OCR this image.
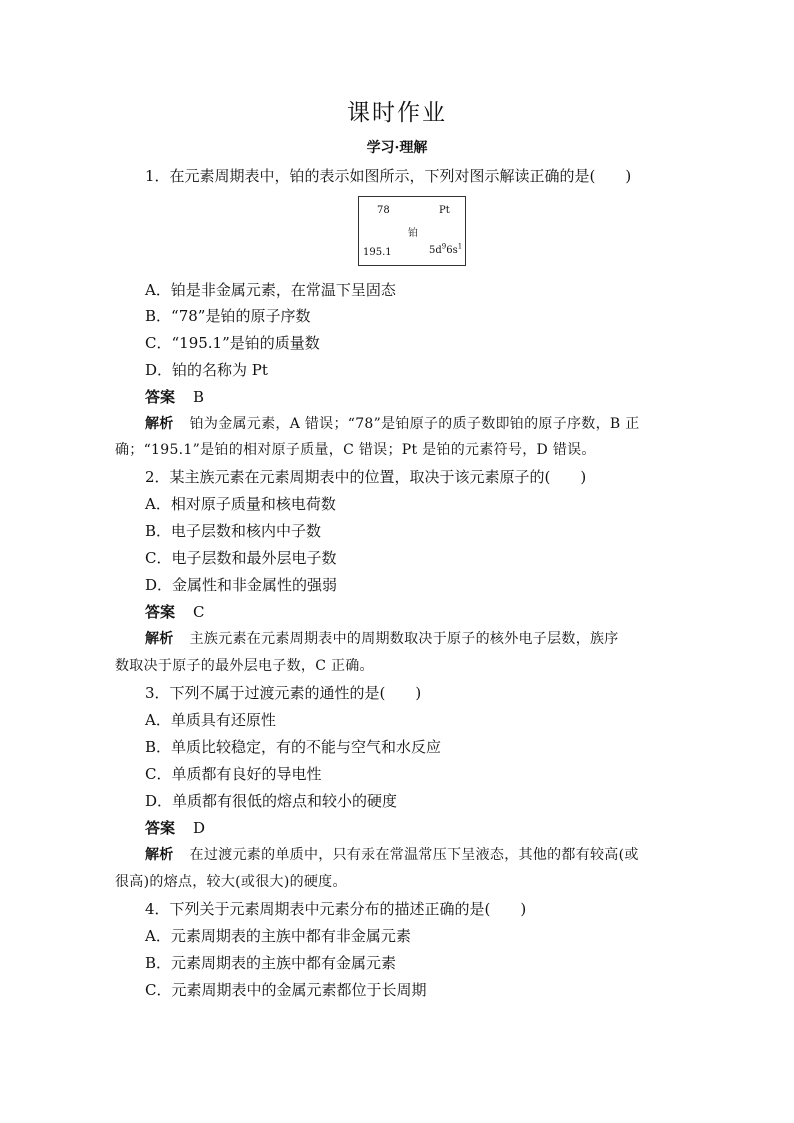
课时作业
学习·理解
1．在元素周期表中，铂的表示如图所示，下列对图示解读正确的是(　　)
78	Pt
铂
195.1	$5d^96s^1$
A．铂是非金属元素，在常温下呈固态
B．“78”是铂的原子序数
C．“195.1”是铂的质量数
D．铂的名称为 Pt
答案 B
解析 铂为金属元素，A 错误；“78”是铂原子的质子数即铂的原子序数，B 正
确；“195.1”是铂的相对原子质量，C 错误；Pt 是铂的元素符号，D 错误。
2．某主族元素在元素周期表中的位置，取决于该元素原子的(　　)
A．相对原子质量和核电荷数
B．电子层数和核内中子数
C．电子层数和最外层电子数
D．金属性和非金属性的强弱
答案 C
解析 主族元素在元素周期表中的周期数取决于原子的核外电子层数，族序
数取决于原子的最外层电子数，C 正确。
3．下列不属于过渡元素的通性的是(　　)
A．单质具有还原性
B．单质比较稳定，有的不能与空气和水反应
C．单质都有良好的导电性
D．单质都有很低的熔点和较小的硬度
答案 D
解析 在过渡元素的单质中，只有汞在常温常压下呈液态，其他的都有较高(或
很高)的熔点，较大(或很大)的硬度。
4．下列关于元素周期表中元素分布的描述正确的是(　　)
A．元素周期表的主族中都有非金属元素
B．元素周期表的主族中都有金属元素
C．元素周期表中的金属元素都位于长周期
